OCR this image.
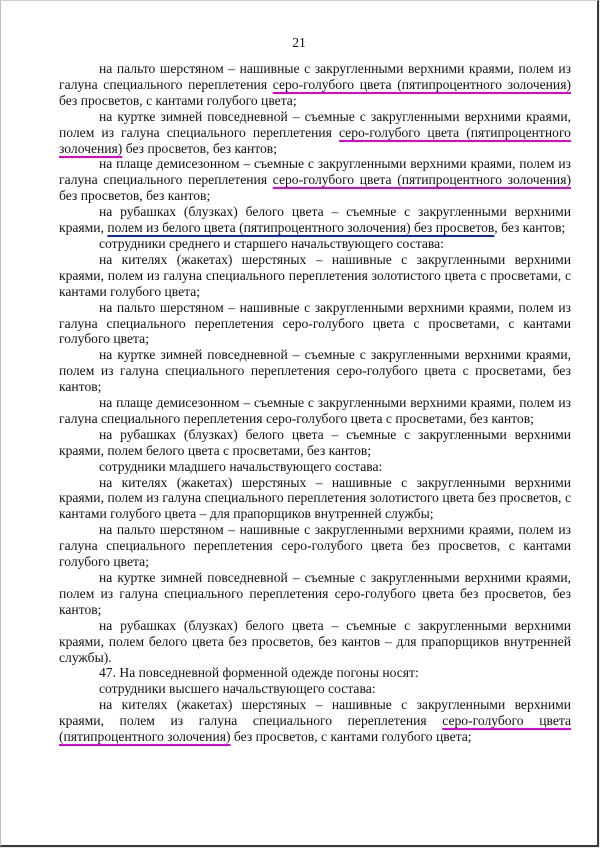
21

на пальто шерстяном – нашивные с закругленными верхними краями, полем из галуна специального переплетения серо-голубого цвета (пятипроцентного золочения) без просветов, с кантами голубого цвета;

на куртке зимней повседневной – съемные с закругленными верхними краями, полем из галуна специального переплетения серо-голубого цвета (пятипроцентного золочения) без просветов, без кантов;

на плаще демисезонном – съемные с закругленными верхними краями, полем из галуна специального переплетения серо-голубого цвета (пятипроцентного золочения) без просветов, без кантов;

на рубашках (блузках) белого цвета – съемные с закругленными верхними краями, полем из белого цвета (пятипроцентного золочения) без просветов, без кантов;

сотрудники среднего и старшего начальствующего состава:

на кителях (жакетах) шерстяных – нашивные с закругленными верхними краями, полем из галуна специального переплетения золотистого цвета с просветами, с кантами голубого цвета;

на пальто шерстяном – нашивные с закругленными верхними краями, полем из галуна специального переплетения серо-голубого цвета с просветами, с кантами голубого цвета;

на куртке зимней повседневной – съемные с закругленными верхними краями, полем из галуна специального переплетения серо-голубого цвета с просветами, без кантов;

на плаще демисезонном – съемные с закругленными верхними краями, полем из галуна специального переплетения серо-голубого цвета с просветами, без кантов;

на рубашках (блузках) белого цвета – съемные с закругленными верхними краями, полем белого цвета с просветами, без кантов;

сотрудники младшего начальствующего состава:

на кителях (жакетах) шерстяных – нашивные с закругленными верхними краями, полем из галуна специального переплетения золотистого цвета без просветов, с кантами голубого цвета – для прапорщиков внутренней службы;

на пальто шерстяном – нашивные с закругленными верхними краями, полем из галуна специального переплетения серо-голубого цвета без просветов, с кантами голубого цвета;

на куртке зимней повседневной – съемные с закругленными верхними краями, полем из галуна специального переплетения серо-голубого цвета без просветов, без кантов;

на рубашках (блузках) белого цвета – съемные с закругленными верхними краями, полем белого цвета без просветов, без кантов – для прапорщиков внутренней службы).

47. На повседневной форменной одежде погоны носят:

сотрудники высшего начальствующего состава:

на кителях (жакетах) шерстяных – нашивные с закругленными верхними краями, полем из галуна специального переплетения серо-голубого цвета (пятипроцентного золочения) без просветов, с кантами голубого цвета;
